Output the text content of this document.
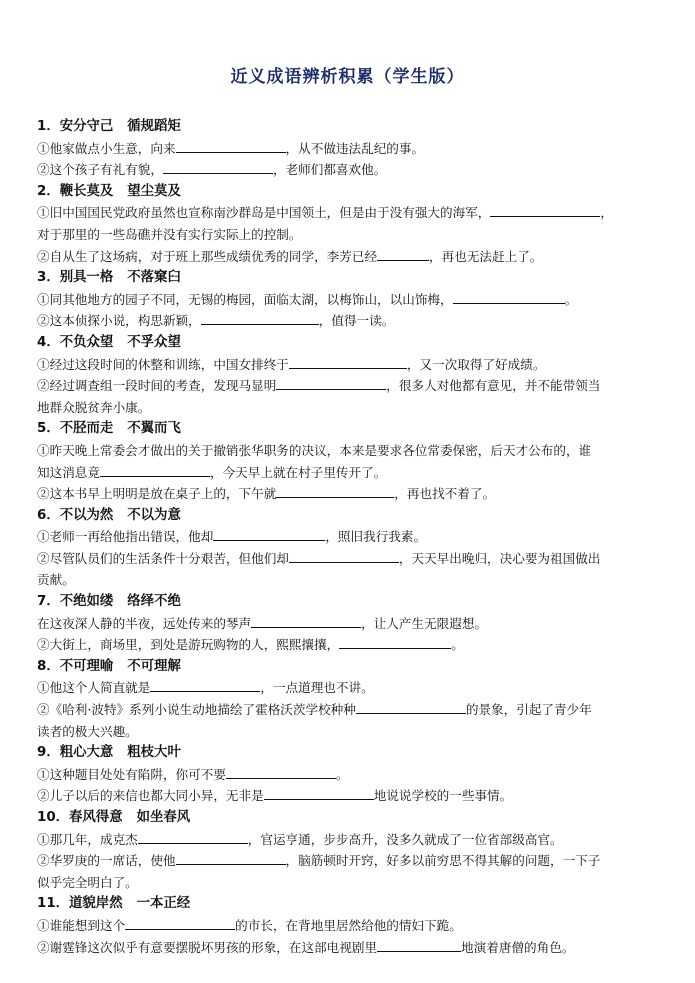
近义成语辨析积累（学生版）
1．安分守己 循规蹈矩
①他家做点小生意，向来	，从不做违法乱纪的事。
②这个孩子有礼有貌，	，老师们都喜欢他。
2．鞭长莫及 望尘莫及
①旧中国国民党政府虽然也宣称南沙群岛是中国领土，但是由于没有强大的海军，	，
对于那里的一些岛礁并没有实行实际上的控制。
②自从生了这场病，对于班上那些成绩优秀的同学，李芳已经	，再也无法赶上了。
3．别具一格 不落窠臼
①同其他地方的园子不同，无锡的梅园，面临太湖，以梅饰山，以山饰梅，	。
②这本侦探小说，构思新颖，	，值得一读。
4．不负众望 不孚众望
①经过这段时间的休整和训练，中国女排终于	，又一次取得了好成绩。
②经过调查组一段时间的考查，发现马显明	，很多人对他都有意见，并不能带领当
地群众脱贫奔小康。
5．不胫而走 不翼而飞
①昨天晚上常委会才做出的关于撤销张华职务的决议，本来是要求各位常委保密，后天才公布的，谁
知这消息竟	，今天早上就在村子里传开了。
②这本书早上明明是放在桌子上的，下午就	，再也找不着了。
6．不以为然 不以为意
①老师一再给他指出错误，他却	，照旧我行我素。
②尽管队员们的生活条件十分艰苦，但他们却	，天天早出晚归，决心要为祖国做出
贡献。
7．不绝如缕 络绎不绝
在这夜深人静的半夜，远处传来的琴声	，让人产生无限遐想。
②大街上，商场里，到处是游玩购物的人，熙熙攘攘，	。
8．不可理喻 不可理解
①他这个人简直就是	，一点道理也不讲。
②《哈利·波特》系列小说生动地描绘了霍格沃茨学校种种	的景象，引起了青少年
读者的极大兴趣。
9．粗心大意 粗枝大叶
①这种题目处处有陷阱，你可不要	。
②儿子以后的来信也都大同小异，无非是	地说说学校的一些事情。
10．春风得意 如坐春风
①那几年，成克杰	，官运亨通，步步高升，没多久就成了一位省部级高官。
②华罗庚的一席话，使他	，脑筋顿时开窍，好多以前穷思不得其解的问题，一下子
似乎完全明白了。
11．道貌岸然 一本正经
①谁能想到这个	的市长，在背地里居然给他的情妇下跪。
②谢霆锋这次似乎有意要摆脱坏男孩的形象，在这部电视剧里	地演着唐僧的角色。
